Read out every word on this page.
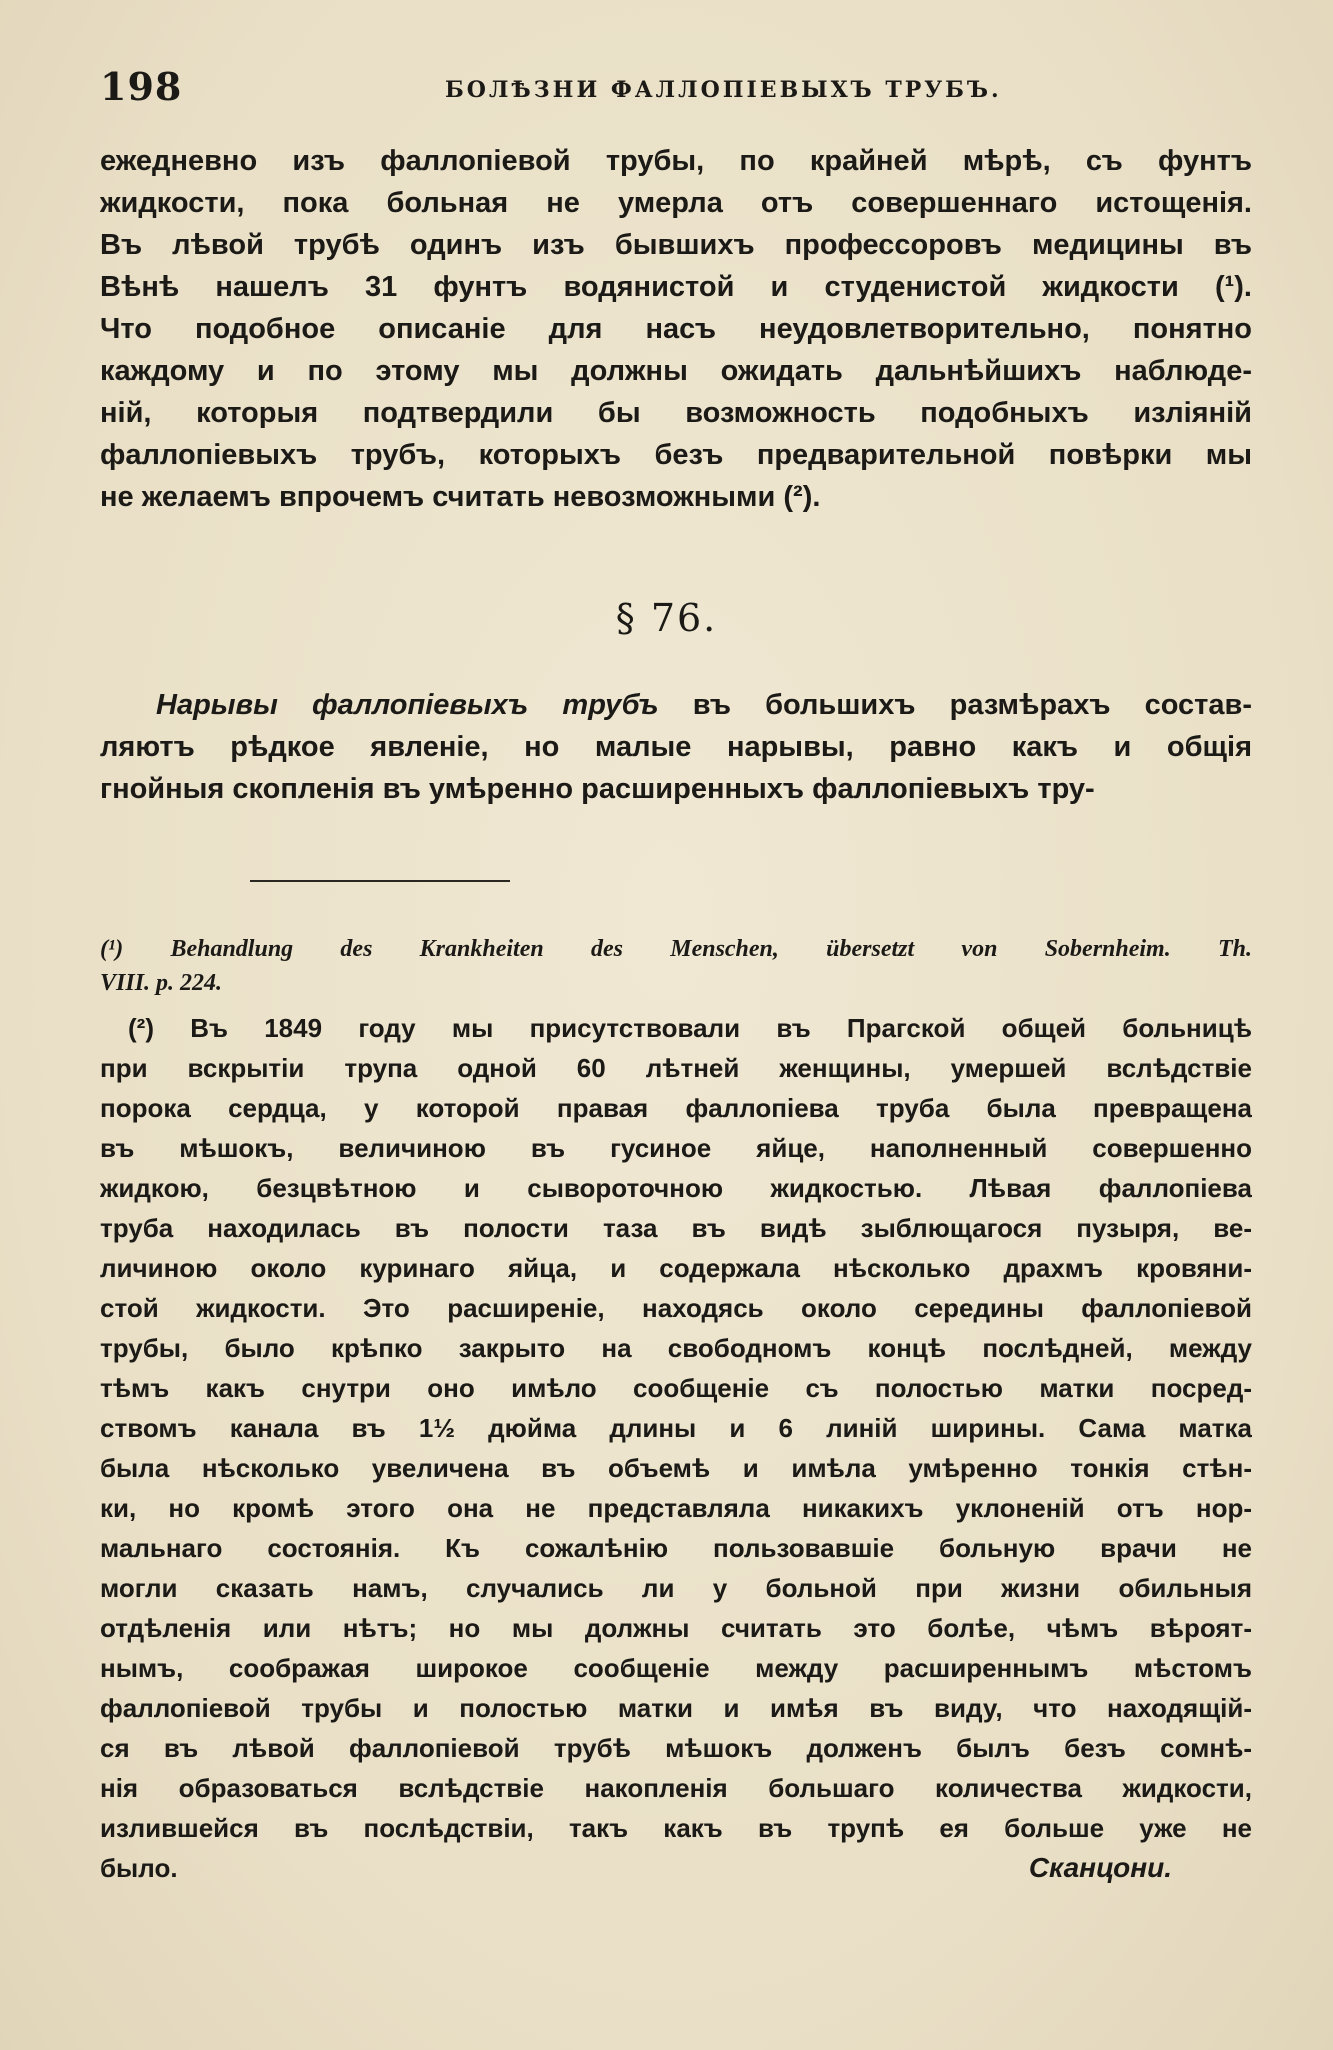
198	БОЛѢЗНИ ФАЛЛОПІЕВЫХЪ ТРУБЪ.
ежедневно изъ фаллопіевой трубы, по крайней мѣрѣ, съ фунтъ
жидкости, пока больная не умерла отъ совершеннаго истощенія.
Въ лѣвой трубѣ одинъ изъ бывшихъ профессоровъ медицины въ
Вѣнѣ нашелъ 31 фунтъ водянистой и студенистой жидкости (¹).
Что подобное описаніе для насъ неудовлетворительно, понятно
каждому и по этому мы должны ожидать дальнѣйшихъ наблюде-
ній, которыя подтвердили бы возможность подобныхъ изліяній
фаллопіевыхъ трубъ, которыхъ безъ предварительной повѣрки мы
не желаемъ впрочемъ считать невозможными (²).
§ 76.
Нарывы фаллопіевыхъ трубъ въ большихъ размѣрахъ состав-
ляютъ рѣдкое явленіе, но малые нарывы, равно какъ и общія
гнойныя скопленія въ умѣренно расширенныхъ фаллопіевыхъ тру-
(¹) Behandlung des Krankheiten des Menschen, übersetzt von Sobernheim. Th.
VIII. p. 224.
(²) Въ 1849 году мы присутствовали въ Прагской общей больницѣ
при вскрытіи трупа одной 60 лѣтней женщины, умершей вслѣдствіе
порока сердца, у которой правая фаллопіева труба была превращена
въ мѣшокъ, величиною въ гусиное яйце, наполненный совершенно
жидкою, безцвѣтною и сывороточною жидкостью. Лѣвая фаллопіева
труба находилась въ полости таза въ видѣ зыблющагося пузыря, ве-
личиною около куринаго яйца, и содержала нѣсколько драхмъ кровяни-
стой жидкости. Это расширеніе, находясь около середины фаллопіевой
трубы, было крѣпко закрыто на свободномъ концѣ послѣдней, между
тѣмъ какъ снутри оно имѣло сообщеніе съ полостью матки посред-
ствомъ канала въ 1½ дюйма длины и 6 линій ширины. Сама матка
была нѣсколько увеличена въ объемѣ и имѣла умѣренно тонкія стѣн-
ки, но кромѣ этого она не представляла никакихъ уклоненій отъ нор-
мальнаго состоянія. Къ сожалѣнію пользовавшіе больную врачи не
могли сказать намъ, случались ли у больной при жизни обильныя
отдѣленія или нѣтъ; но мы должны считать это болѣе, чѣмъ вѣроят-
нымъ, соображая широкое сообщеніе между расширеннымъ мѣстомъ
фаллопіевой трубы и полостью матки и имѣя въ виду, что находящій-
ся въ лѣвой фаллопіевой трубѣ мѣшокъ долженъ былъ безъ сомнѣ-
нія образоваться вслѣдствіе накопленія большаго количества жидкости,
излившейся въ послѣдствіи, такъ какъ въ трупѣ ея больше уже не
было.	Сканцони.
